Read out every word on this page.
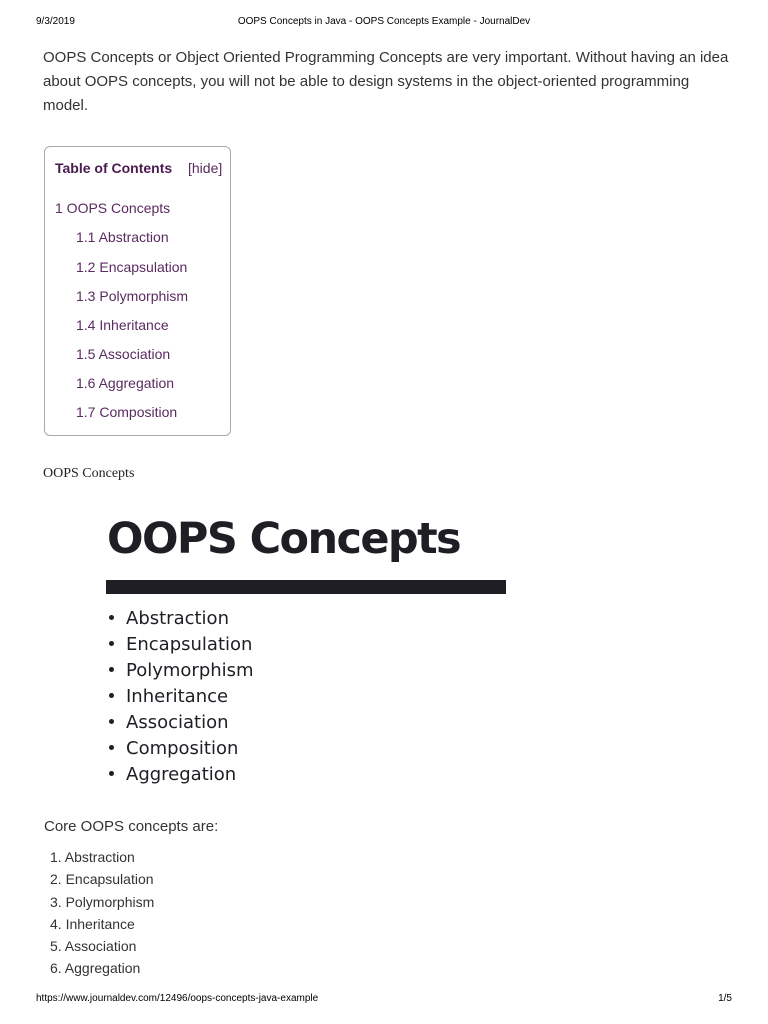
9/3/2019	OOPS Concepts in Java - OOPS Concepts Example - JournalDev

OOPS Concepts or Object Oriented Programming Concepts are very important. Without having an idea about OOPS concepts, you will not be able to design systems in the object-oriented programming model.

Table of Contents [hide]
1 OOPS Concepts
1.1 Abstraction
1.2 Encapsulation
1.3 Polymorphism
1.4 Inheritance
1.5 Association
1.6 Aggregation
1.7 Composition
OOPS Concepts
OOPS Concepts
Abstraction
Encapsulation
Polymorphism
Inheritance
Association
Composition
Aggregation
Core OOPS concepts are:
1. Abstraction
2. Encapsulation
3. Polymorphism
4. Inheritance
5. Association
6. Aggregation
https://www.journaldev.com/12496/oops-concepts-java-example	1/5
